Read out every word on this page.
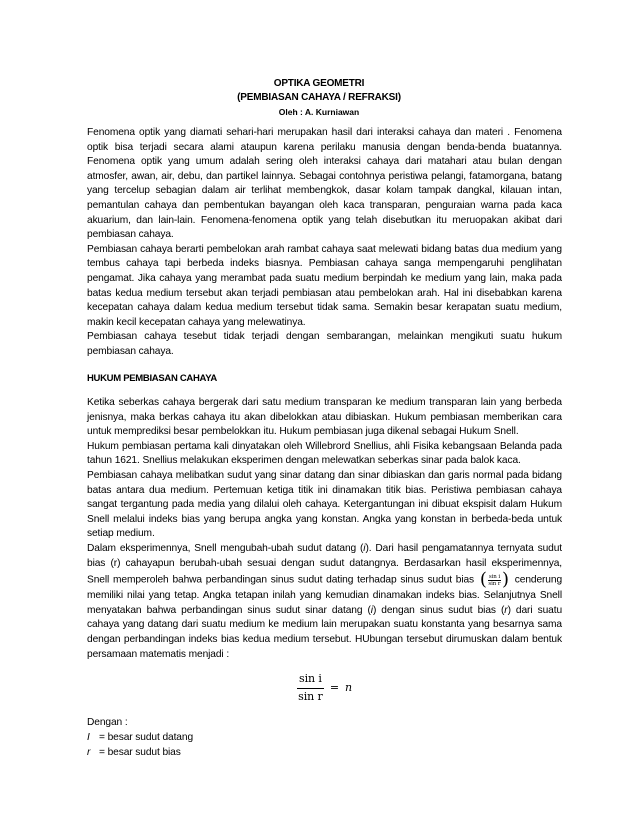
OPTIKA GEOMETRI
(PEMBIASAN CAHAYA / REFRAKSI)
Oleh : A. Kurniawan

Fenomena optik yang diamati sehari-hari merupakan hasil dari interaksi cahaya dan materi . Fenomena optik bisa terjadi secara alami ataupun karena perilaku manusia dengan benda-benda buatannya. Fenomena optik yang umum adalah sering oleh interaksi cahaya dari matahari atau bulan dengan atmosfer, awan, air, debu, dan partikel lainnya. Sebagai contohnya peristiwa pelangi, fatamorgana, batang yang tercelup sebagian dalam air terlihat membengkok, dasar kolam tampak dangkal, kilauan intan, pemantulan cahaya dan pembentukan bayangan oleh kaca transparan, penguraian warna pada kaca akuarium, dan lain-lain. Fenomena-fenomena optik yang telah disebutkan itu meruopakan akibat dari pembiasan cahaya.

Pembiasan cahaya berarti pembelokan arah rambat cahaya saat melewati bidang batas dua medium yang tembus cahaya tapi berbeda indeks biasnya. Pembiasan cahaya sanga mempengaruhi penglihatan pengamat. Jika cahaya yang merambat pada suatu medium berpindah ke medium yang lain, maka pada batas kedua medium tersebut akan terjadi pembiasan atau pembelokan arah. Hal ini disebabkan karena kecepatan cahaya dalam kedua medium tersebut tidak sama. Semakin besar kerapatan suatu medium, makin kecil kecepatan cahaya yang melewatinya.

Pembiasan cahaya tesebut tidak terjadi dengan sembarangan, melainkan mengikuti suatu hukum pembiasan cahaya.

HUKUM PEMBIASAN CAHAYA

Ketika seberkas cahaya bergerak dari satu medium transparan ke medium transparan lain yang berbeda jenisnya, maka berkas cahaya itu akan dibelokkan atau dibiaskan. Hukum pembiasan memberikan cara untuk memprediksi besar pembelokkan itu. Hukum pembiasan juga dikenal sebagai Hukum Snell.

Hukum pembiasan pertama kali dinyatakan oleh Willebrord Snellius, ahli Fisika kebangsaan Belanda pada tahun 1621. Snellius melakukan eksperimen dengan melewatkan seberkas sinar pada balok kaca.

Pembiasan cahaya melibatkan sudut yang sinar datang dan sinar dibiaskan dan garis normal pada bidang batas antara dua medium. Pertemuan ketiga titik ini dinamakan titik bias. Peristiwa pembiasan cahaya sangat tergantung pada media yang dilalui oleh cahaya. Ketergantungan ini dibuat ekspisit dalam Hukum Snell melalui indeks bias yang berupa angka yang konstan. Angka yang konstan in berbeda-beda untuk setiap medium.

Dalam eksperimennya, Snell mengubah-ubah sudut datang (i). Dari hasil pengamatannya ternyata sudut bias (r) cahayapun berubah-ubah sesuai dengan sudut datangnya. Berdasarkan hasil eksperimennya, Snell memperoleh bahwa perbandingan sinus sudut dating terhadap sinus sudut bias ( $\frac{\text{sin i}}{\text{sin r}}$ ) cenderung memiliki nilai yang tetap. Angka tetapan inilah yang kemudian dinamakan indeks bias. Selanjutnya Snell menyatakan bahwa perbandingan sinus sudut sinar datang (i) dengan sinus sudut bias (r) dari suatu cahaya yang datang dari suatu medium ke medium lain merupakan suatu konstanta yang besarnya sama dengan perbandingan indeks bias kedua medium tersebut. HUbungan tersebut dirumuskan dalam bentuk persamaan matematis menjadi :

$\frac{\text{sin i}}{\text{sin r}} = n$
Dengan :
I = besar sudut datang
r = besar sudut bias
